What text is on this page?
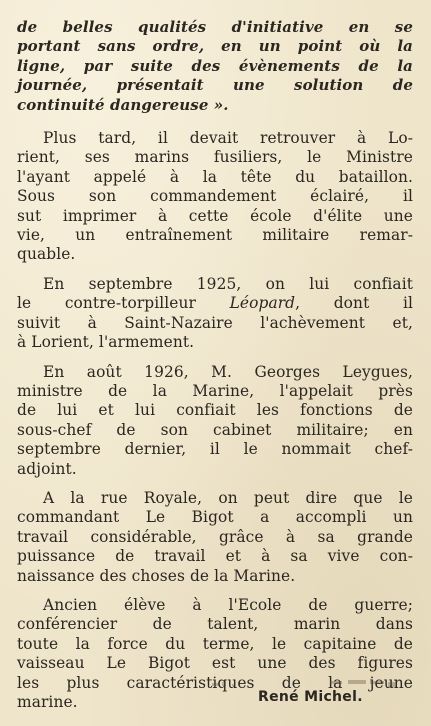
de belles qualités d'initiative en se
portant sans ordre, en un point où la
ligne, par suite des évènements de la
journée, présentait une solution de
continuité dangereuse ».

Plus tard, il devait retrouver à Lo-
rient, ses marins fusiliers, le Ministre
l'ayant appelé à la tête du bataillon.
Sous son commandement éclairé, il
sut imprimer à cette école d'élite une
vie, un entraînement militaire remar-
quable.

En septembre 1925, on lui confiait
le contre-torpilleur Léopard, dont il
suivit à Saint-Nazaire l'achèvement et,
à Lorient, l'armement.

En août 1926, M. Georges Leygues,
ministre de la Marine, l'appelait près
de lui et lui confiait les fonctions de
sous-chef de son cabinet militaire; en
septembre dernier, il le nommait chef-
adjoint.

A la rue Royale, on peut dire que le
commandant Le Bigot a accompli un
travail considérable, grâce à sa grande
puissance de travail et à sa vive con-
naissance des choses de la Marine.

Ancien élève à l'Ecole de guerre;
conférencier de talent, marin dans
toute la force du terme, le capitaine de
vaisseau Le Bigot est une des figures
les plus caractéristiques de la jeune
marine.	René Michel.
